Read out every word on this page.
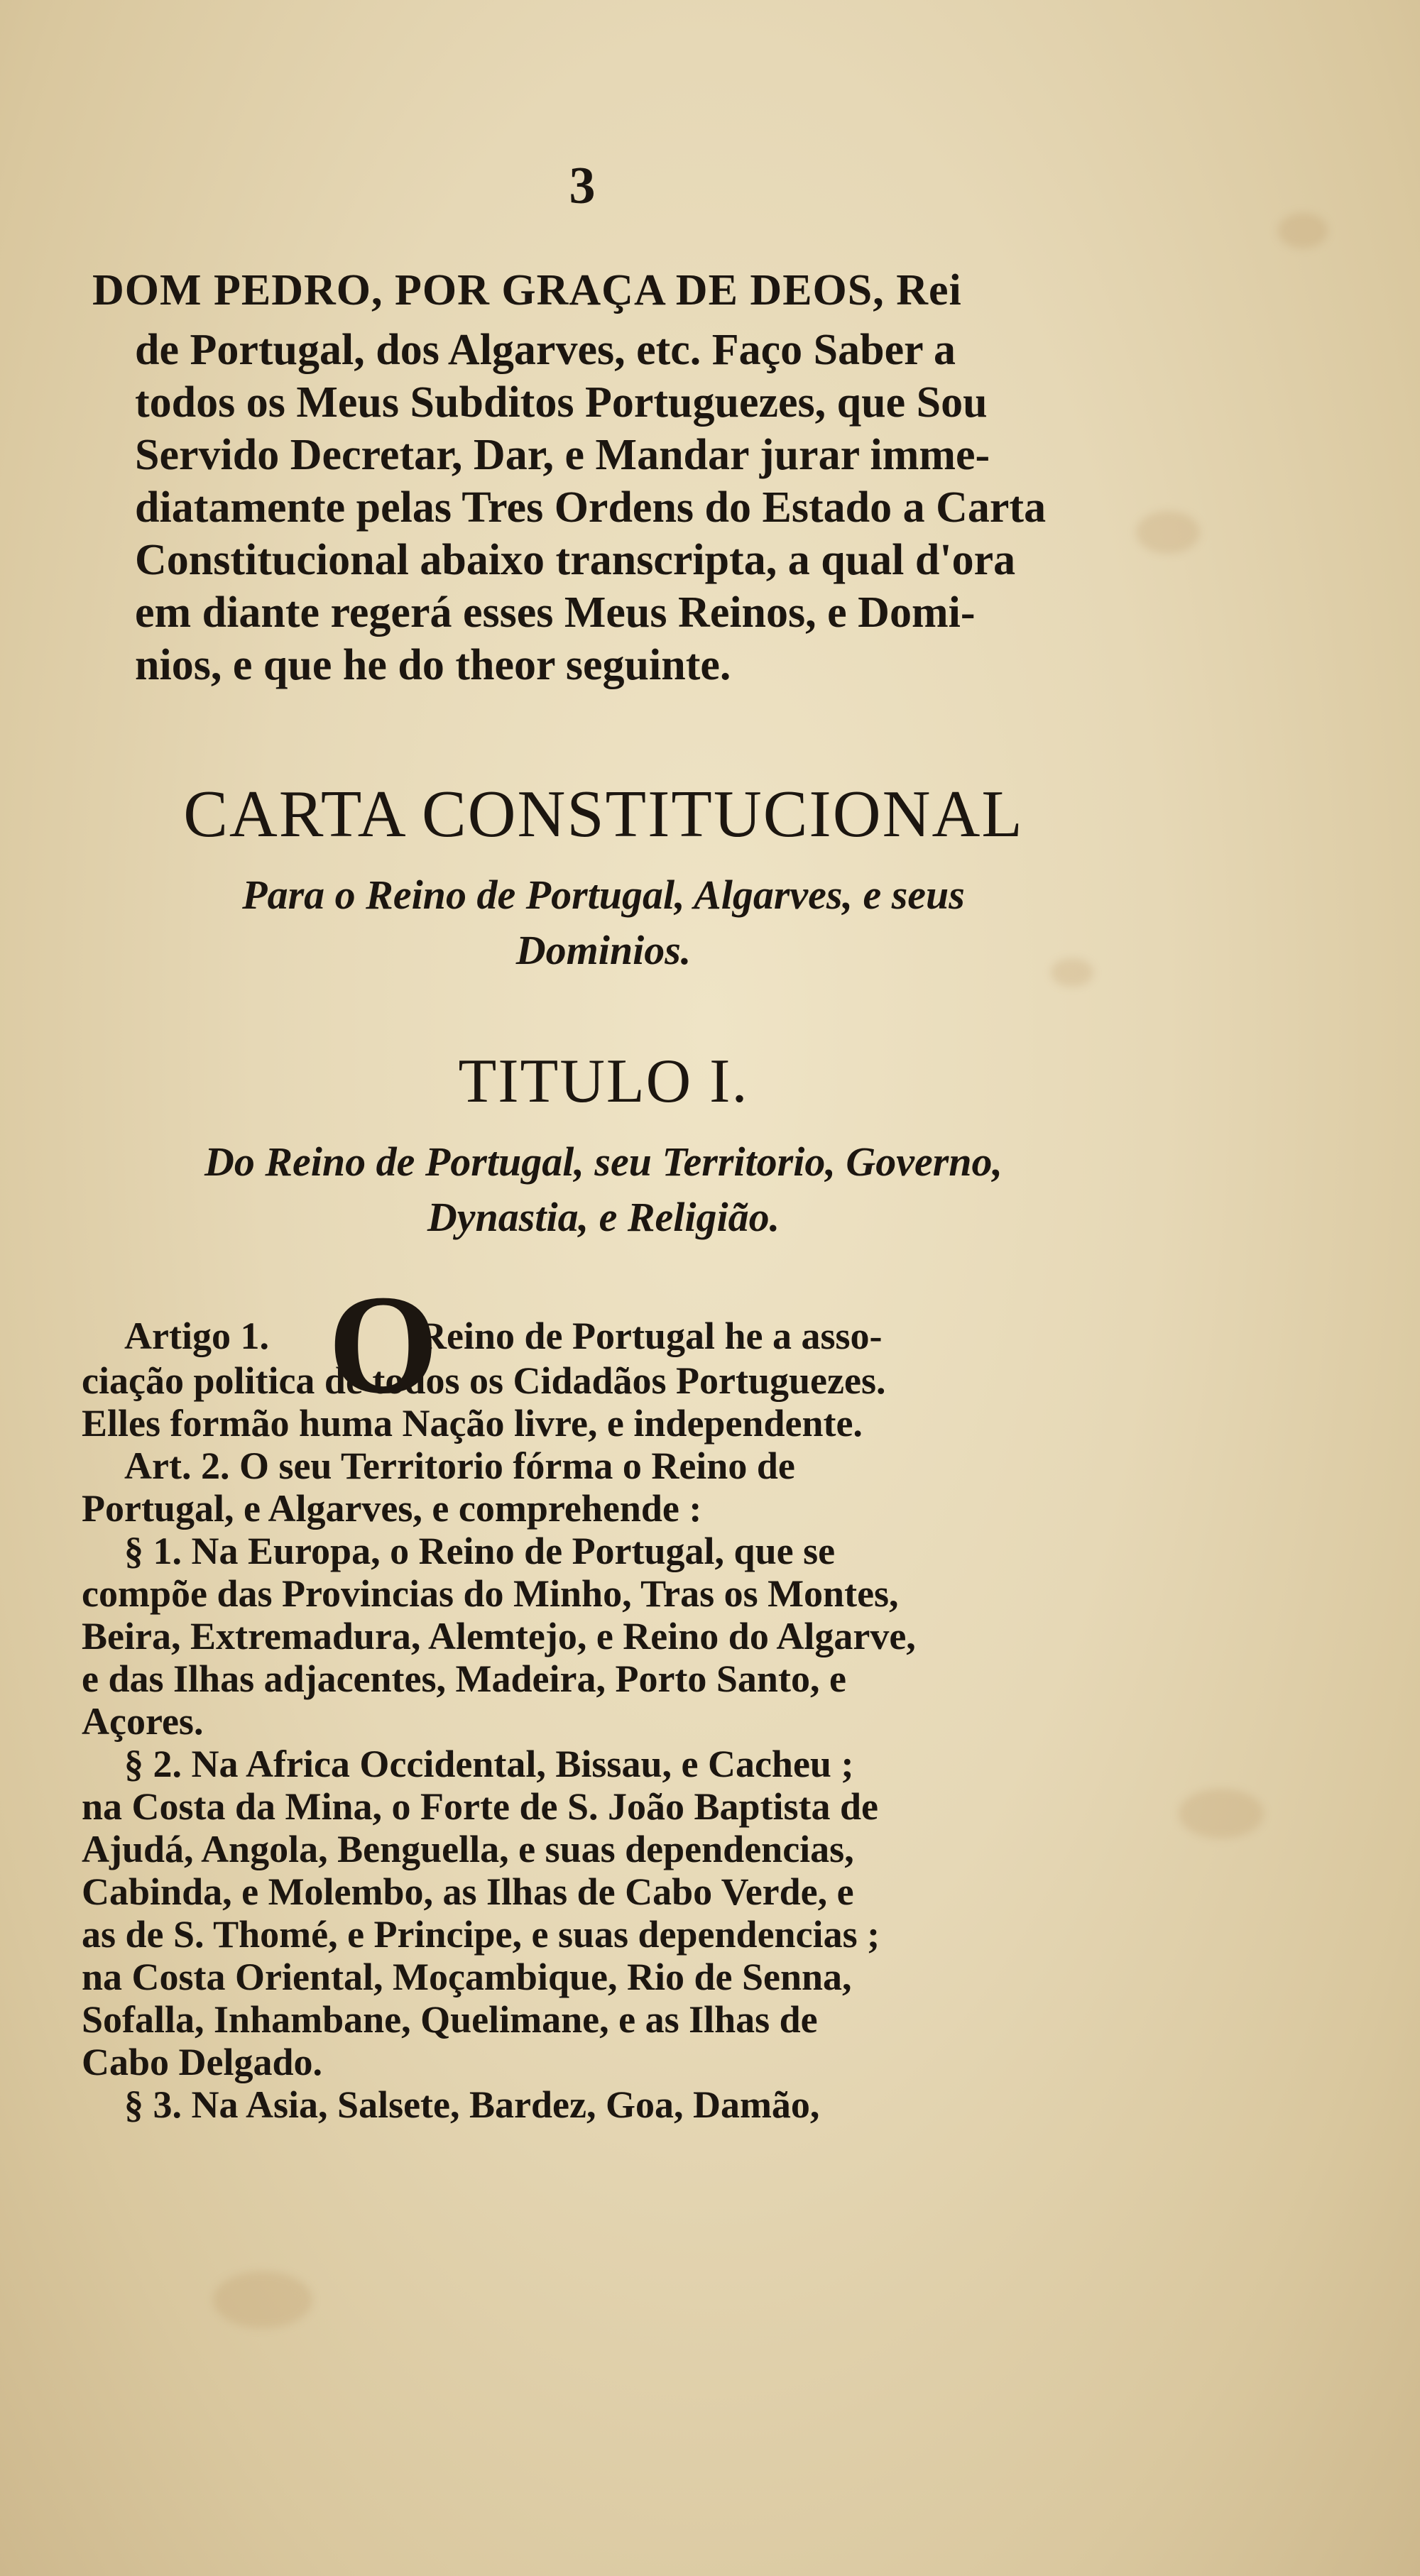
3
DOM PEDRO, POR GRAÇA DE DEOS, Rei
de Portugal, dos Algarves, etc. Faço Saber a
todos os Meus Subditos Portuguezes, que Sou
Servido Decretar, Dar, e Mandar jurar imme-
diatamente pelas Tres Ordens do Estado a Carta
Constitucional abaixo transcripta, a qual d'ora
em diante regerá esses Meus Reinos, e Domi-
nios, e que he do theor seguinte.
CARTA CONSTITUCIONAL
Para o Reino de Portugal, Algarves, e seus
Dominios.
TITULO I.
Do Reino de Portugal, seu Territorio, Governo,
Dynastia, e Religião.
Artigo 1. O
Reino de Portugal he a asso-
ciação politica de todos os Cidadãos Portuguezes.
Elles formão huma Nação livre, e independente.
Art. 2. O seu Territorio fórma o Reino de
Portugal, e Algarves, e comprehende :
§ 1. Na Europa, o Reino de Portugal, que se
compõe das Provincias do Minho, Tras os Montes,
Beira, Extremadura, Alemtejo, e Reino do Algarve,
e das Ilhas adjacentes, Madeira, Porto Santo, e
Açores.
§ 2. Na Africa Occidental, Bissau, e Cacheu ;
na Costa da Mina, o Forte de S. João Baptista de
Ajudá, Angola, Benguella, e suas dependencias,
Cabinda, e Molembo, as Ilhas de Cabo Verde, e
as de S. Thomé, e Principe, e suas dependencias ;
na Costa Oriental, Moçambique, Rio de Senna,
Sofalla, Inhambane, Quelimane, e as Ilhas de
Cabo Delgado.
§ 3. Na Asia, Salsete, Bardez, Goa, Damão,
